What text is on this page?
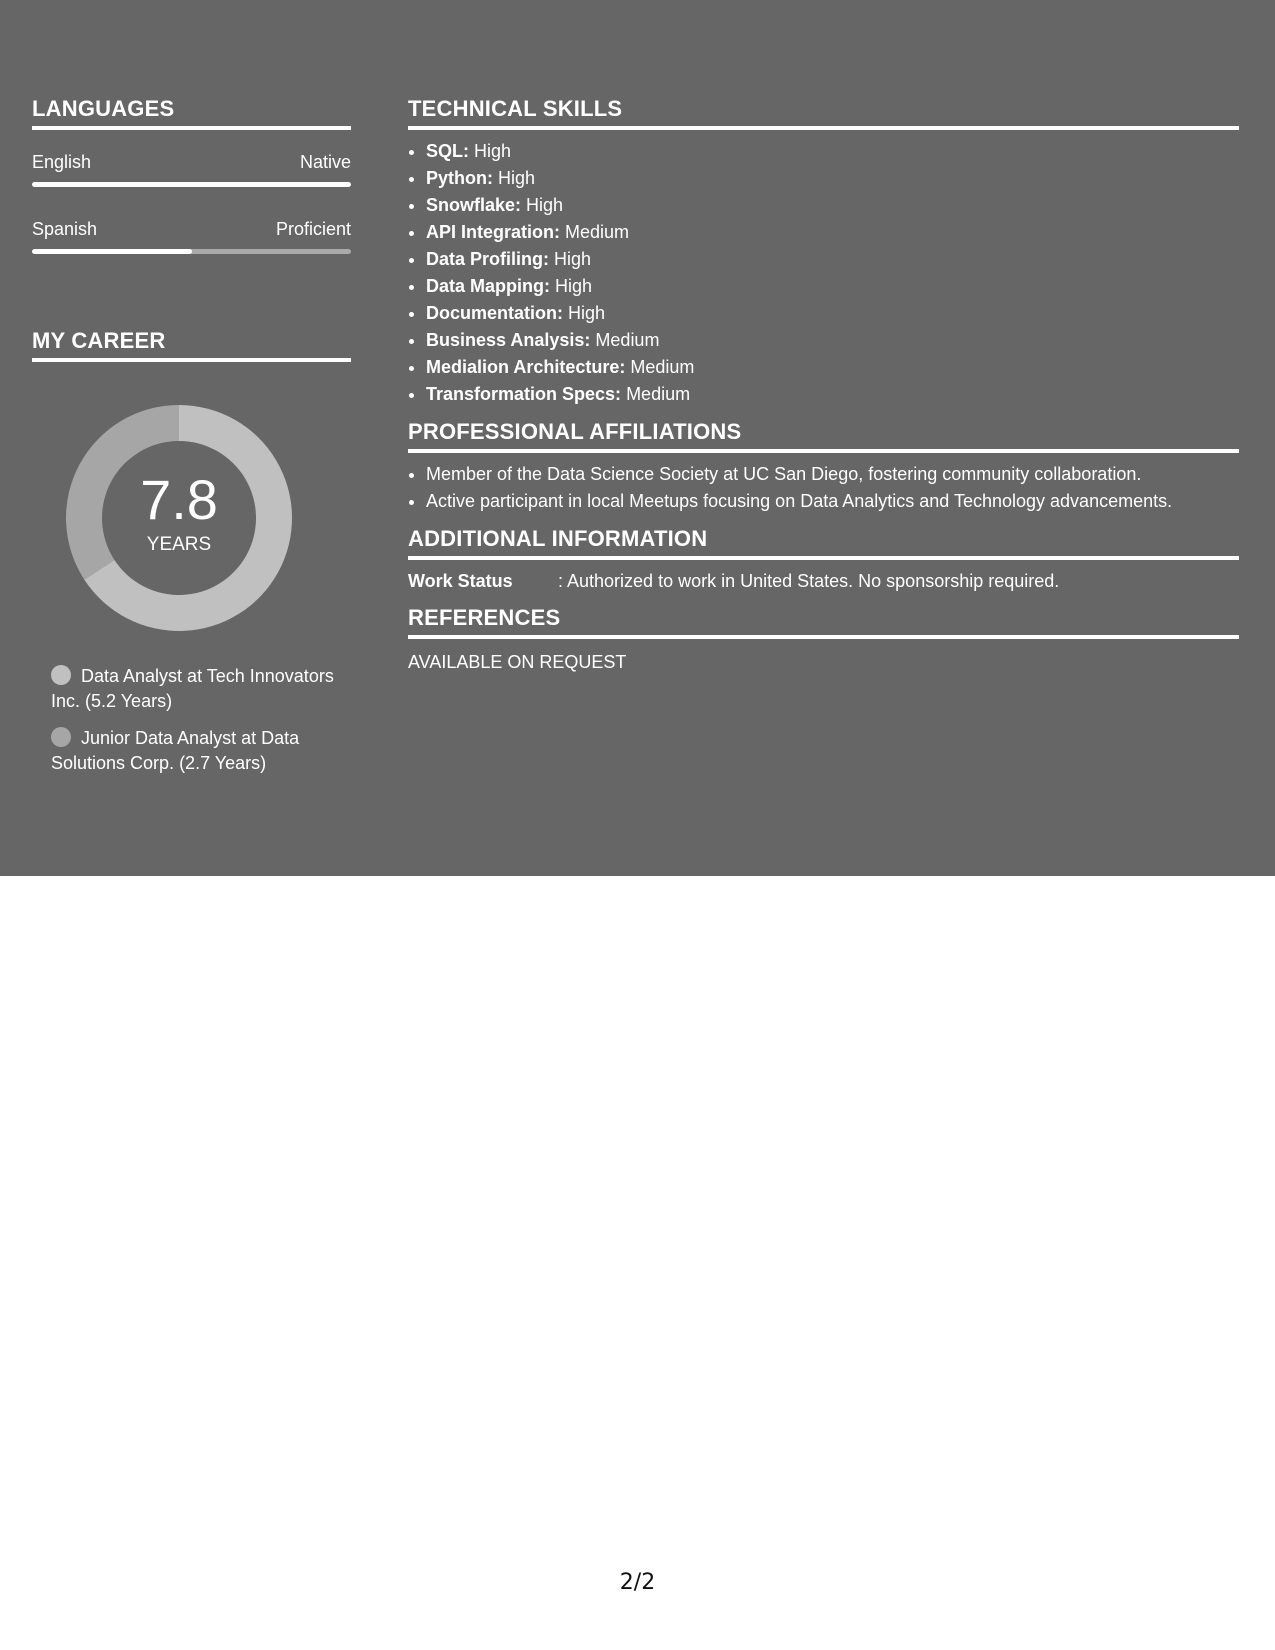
LANGUAGES
English	Native
Spanish	Proficient
MY CAREER
7.8
YEARS
Data Analyst at Tech Innovators Inc. (5.2 Years)
Junior Data Analyst at Data Solutions Corp. (2.7 Years)
TECHNICAL SKILLS
• SQL: High
• Python: High
• Snowflake: High
• API Integration: Medium
• Data Profiling: High
• Data Mapping: High
• Documentation: High
• Business Analysis: Medium
• Medialion Architecture: Medium
• Transformation Specs: Medium
PROFESSIONAL AFFILIATIONS
• Member of the Data Science Society at UC San Diego, fostering community collaboration.
• Active participant in local Meetups focusing on Data Analytics and Technology advancements.
ADDITIONAL INFORMATION
Work Status	: Authorized to work in United States. No sponsorship required.
REFERENCES
AVAILABLE ON REQUEST
2/2
